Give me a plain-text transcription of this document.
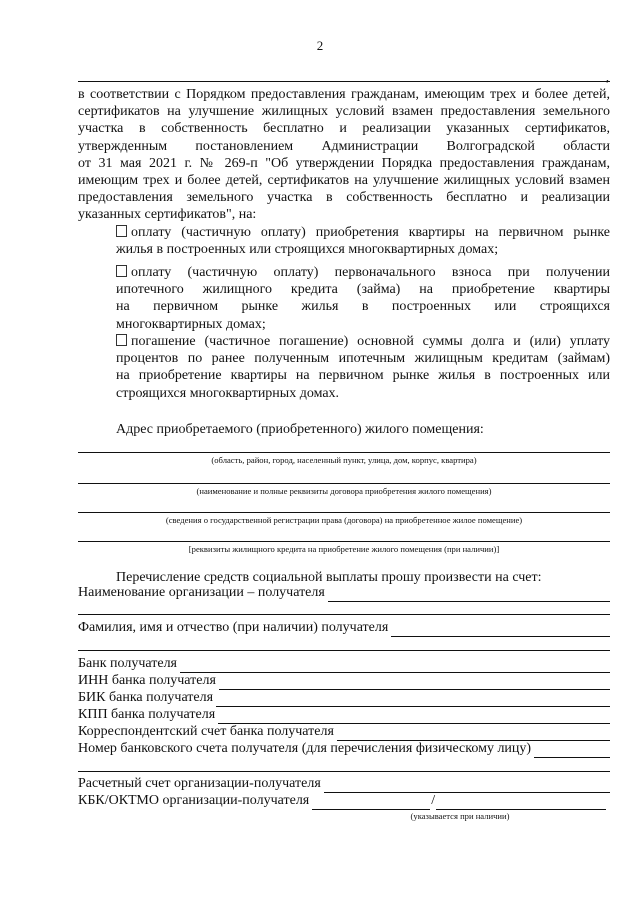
2
,
в соответствии с Порядком предоставления гражданам, имеющим трех и более детей,
сертификатов на улучшение жилищных условий взамен предоставления земельного
участка в собственность бесплатно и реализации указанных сертификатов,
утвержденным постановлением Администрации Волгоградской области
от 31 мая 2021 г. № 269-п "Об утверждении Порядка предоставления гражданам,
имеющим трех и более детей, сертификатов на улучшение жилищных условий взамен
предоставления земельного участка в собственность бесплатно и реализации
указанных сертификатов", на:
оплату (частичную оплату) приобретения квартиры на первичном рынке
жилья в построенных или строящихся многоквартирных домах;
оплату (частичную оплату) первоначального взноса при получении
ипотечного жилищного кредита (займа) на приобретение квартиры
на первичном рынке жилья в построенных или строящихся
многоквартирных домах;
погашение (частичное погашение) основной суммы долга и (или) уплату
процентов по ранее полученным ипотечным жилищным кредитам (займам)
на приобретение квартиры на первичном рынке жилья в построенных или
строящихся многоквартирных домах.
Адрес приобретаемого (приобретенного) жилого помещения:
(область, район, город, населенный пункт, улица, дом, корпус, квартира)
(наименование и полные реквизиты договора приобретения жилого помещения)
(сведения о государственной регистрации права (договора) на приобретенное жилое помещение)
[реквизиты жилищного кредита на приобретение жилого помещения (при наличии)]
Перечисление средств социальной выплаты прошу произвести на счет:
Наименование организации – получателя
Фамилия, имя и отчество (при наличии) получателя
Банк получателя
ИНН банка получателя
БИК банка получателя
КПП банка получателя
Корреспондентский счет банка получателя
Номер банковского счета получателя (для перечисления физическому лицу)
Расчетный счет организации-получателя
КБК/ОКТМО организации-получателя	/
(указывается при наличии)
